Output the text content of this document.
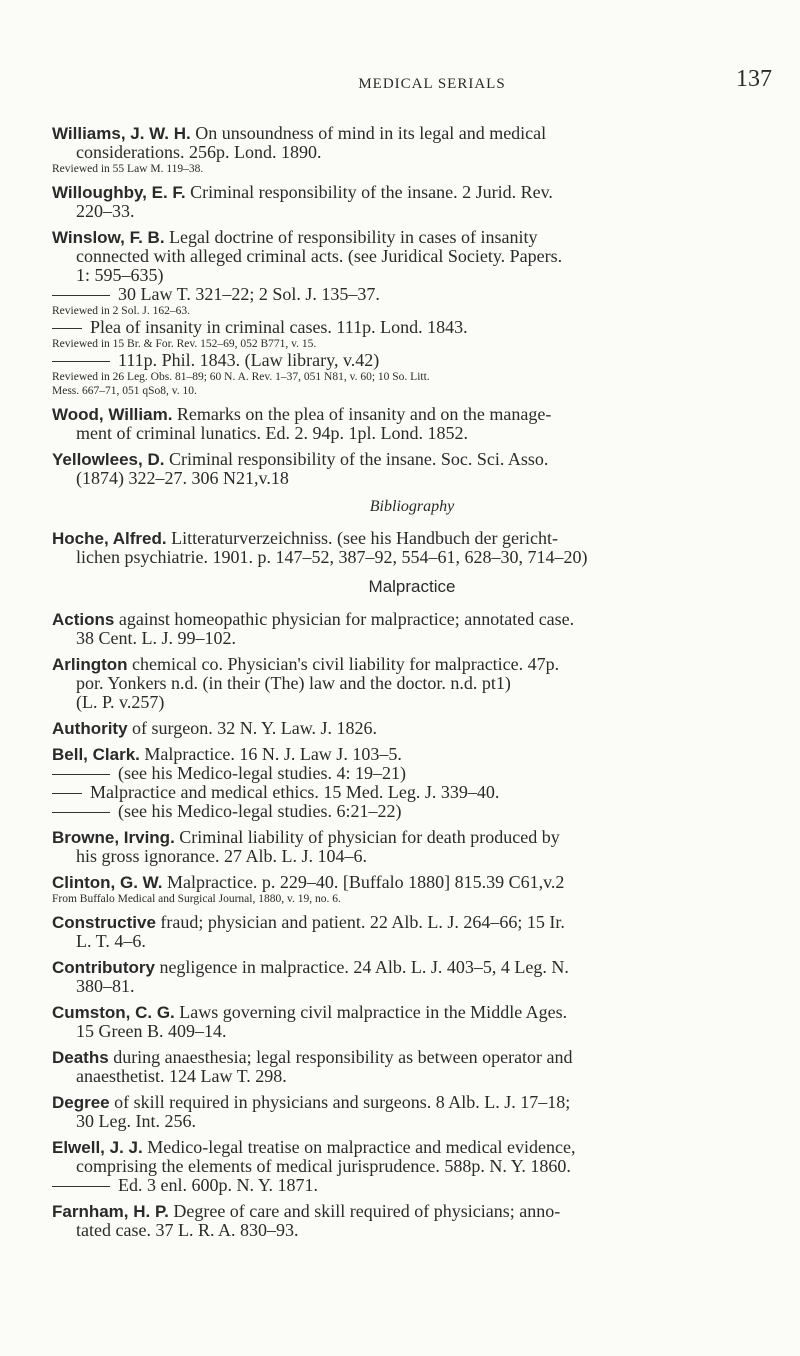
MEDICAL SERIALS	137
Williams, J. W. H. On unsoundness of mind in its legal and medical
considerations. 256p. Lond. 1890.
Reviewed in 55 Law M. 119–38.
Willoughby, E. F. Criminal responsibility of the insane. 2 Jurid. Rev.
220–33.
Winslow, F. B. Legal doctrine of responsibility in cases of insanity
connected with alleged criminal acts. (see Juridical Society. Papers.
1: 595–635)
30 Law T. 321–22; 2 Sol. J. 135–37.
Reviewed in 2 Sol. J. 162–63.
Plea of insanity in criminal cases. 111p. Lond. 1843.
Reviewed in 15 Br. & For. Rev. 152–69, 052 B771, v. 15.
111p. Phil. 1843. (Law library, v.42)
Reviewed in 26 Leg. Obs. 81–89; 60 N. A. Rev. 1–37, 051 N81, v. 60; 10 So. Litt.
Mess. 667–71, 051 qSo8, v. 10.
Wood, William. Remarks on the plea of insanity and on the manage-
ment of criminal lunatics. Ed. 2. 94p. 1pl. Lond. 1852.
Yellowlees, D. Criminal responsibility of the insane. Soc. Sci. Asso.
(1874) 322–27. 306 N21,v.18
Bibliography
Hoche, Alfred. Litteraturverzeichniss. (see his Handbuch der gericht-
lichen psychiatrie. 1901. p. 147–52, 387–92, 554–61, 628–30, 714–20)
Malpractice
Actions against homeopathic physician for malpractice; annotated case.
38 Cent. L. J. 99–102.
Arlington chemical co. Physician's civil liability for malpractice. 47p.
por. Yonkers n.d. (in their (The) law and the doctor. n.d. pt1)
(L. P. v.257)
Authority of surgeon. 32 N. Y. Law. J. 1826.
Bell, Clark. Malpractice. 16 N. J. Law J. 103–5.
(see his Medico-legal studies. 4: 19–21)
Malpractice and medical ethics. 15 Med. Leg. J. 339–40.
(see his Medico-legal studies. 6:21–22)
Browne, Irving. Criminal liability of physician for death produced by
his gross ignorance. 27 Alb. L. J. 104–6.
Clinton, G. W. Malpractice. p. 229–40. [Buffalo 1880] 815.39 C61,v.2
From Buffalo Medical and Surgical Journal, 1880, v. 19, no. 6.
Constructive fraud; physician and patient. 22 Alb. L. J. 264–66; 15 Ir.
L. T. 4–6.
Contributory negligence in malpractice. 24 Alb. L. J. 403–5, 4 Leg. N.
380–81.
Cumston, C. G. Laws governing civil malpractice in the Middle Ages.
15 Green B. 409–14.
Deaths during anaesthesia; legal responsibility as between operator and
anaesthetist. 124 Law T. 298.
Degree of skill required in physicians and surgeons. 8 Alb. L. J. 17–18;
30 Leg. Int. 256.
Elwell, J. J. Medico-legal treatise on malpractice and medical evidence,
comprising the elements of medical jurisprudence. 588p. N. Y. 1860.
Ed. 3 enl. 600p. N. Y. 1871.
Farnham, H. P. Degree of care and skill required of physicians; anno-
tated case. 37 L. R. A. 830–93.
